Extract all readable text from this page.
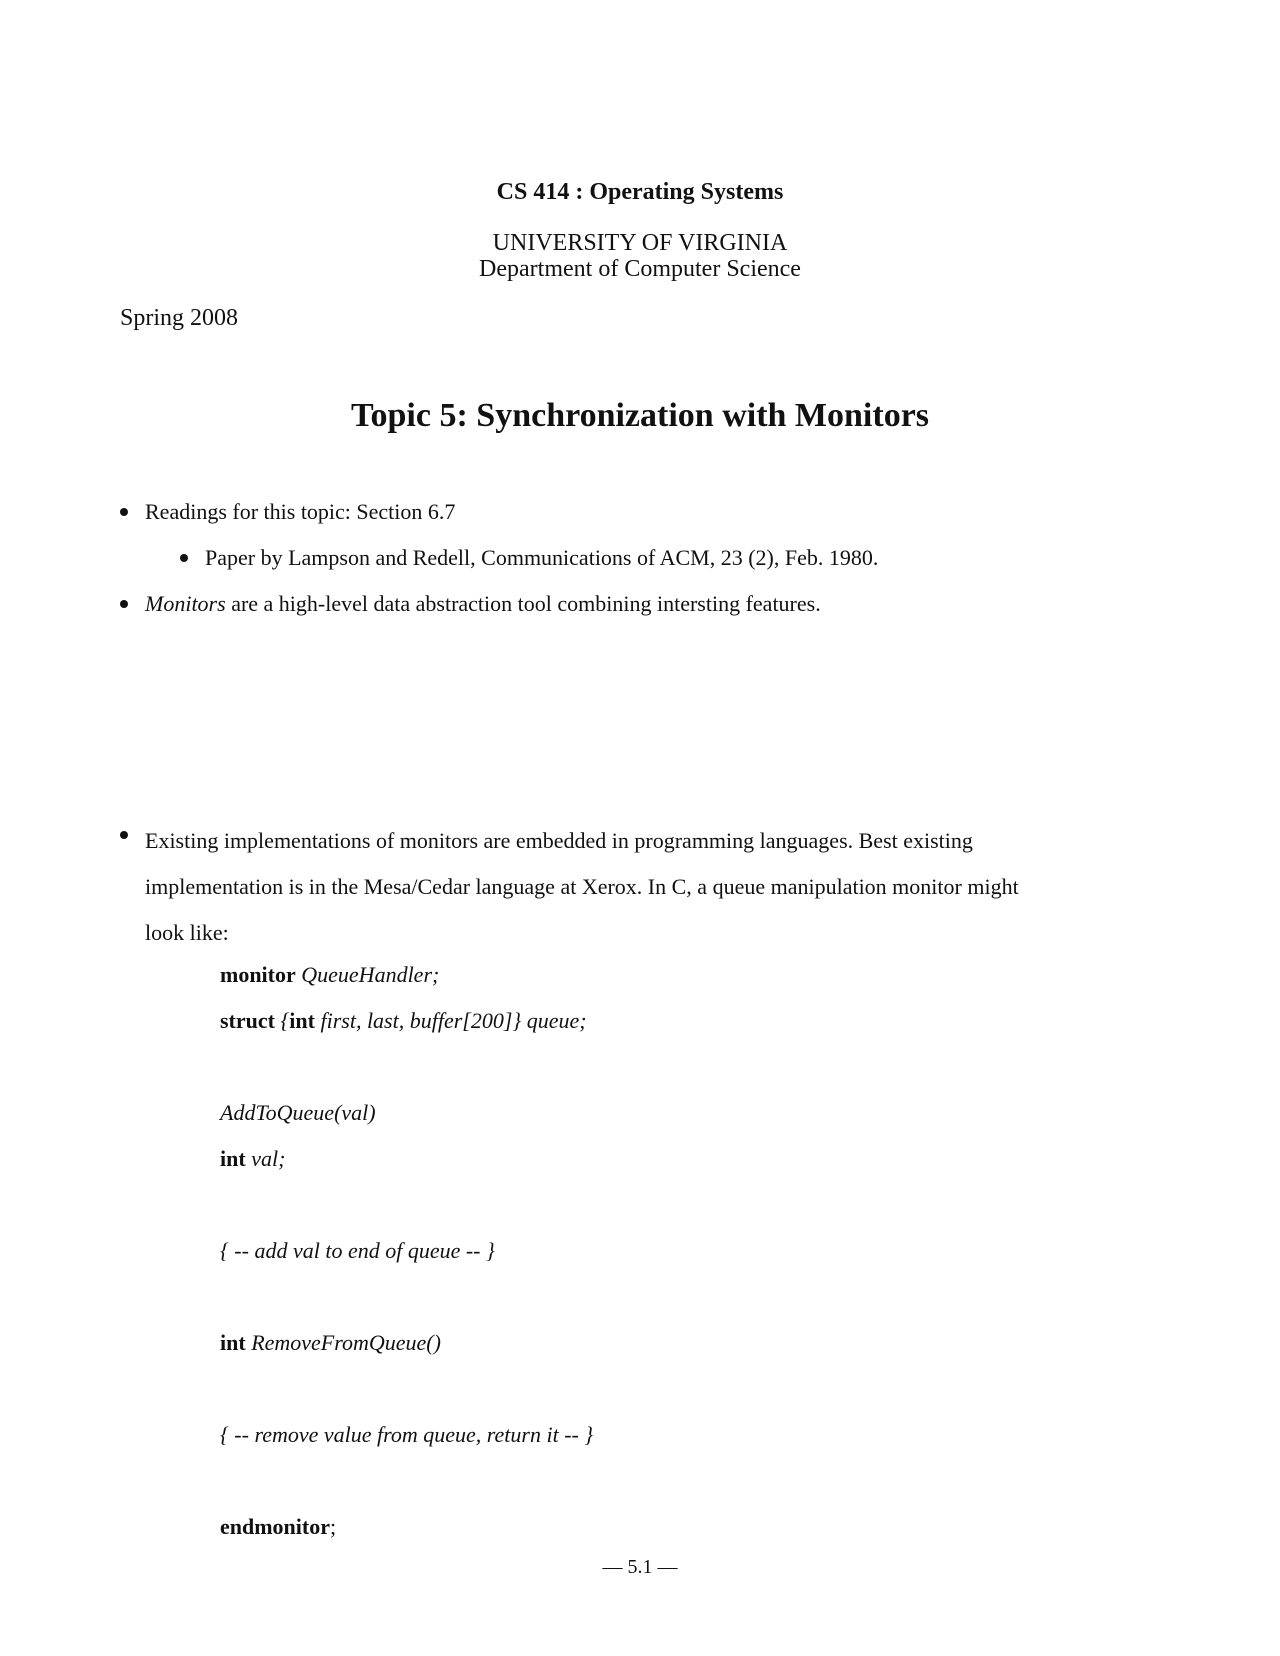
CS 414 : Operating Systems
UNIVERSITY OF VIRGINIA
Department of Computer Science
Spring 2008
Topic 5: Synchronization with Monitors
Readings for this topic: Section 6.7
Paper by Lampson and Redell, Communications of ACM, 23 (2), Feb. 1980.
Monitors are a high-level data abstraction tool combining intersting features.
Existing implementations of monitors are embedded in programming languages. Best existing implementation is in the Mesa/Cedar language at Xerox. In C, a queue manipulation monitor might look like:
monitor QueueHandler;
struct {int first, last, buffer[200]} queue;
AddToQueue(val)
int val;
{ -- add val to end of queue -- }
int RemoveFromQueue()
{ -- remove value from queue, return it -- }
endmonitor;
— 5.1 —
